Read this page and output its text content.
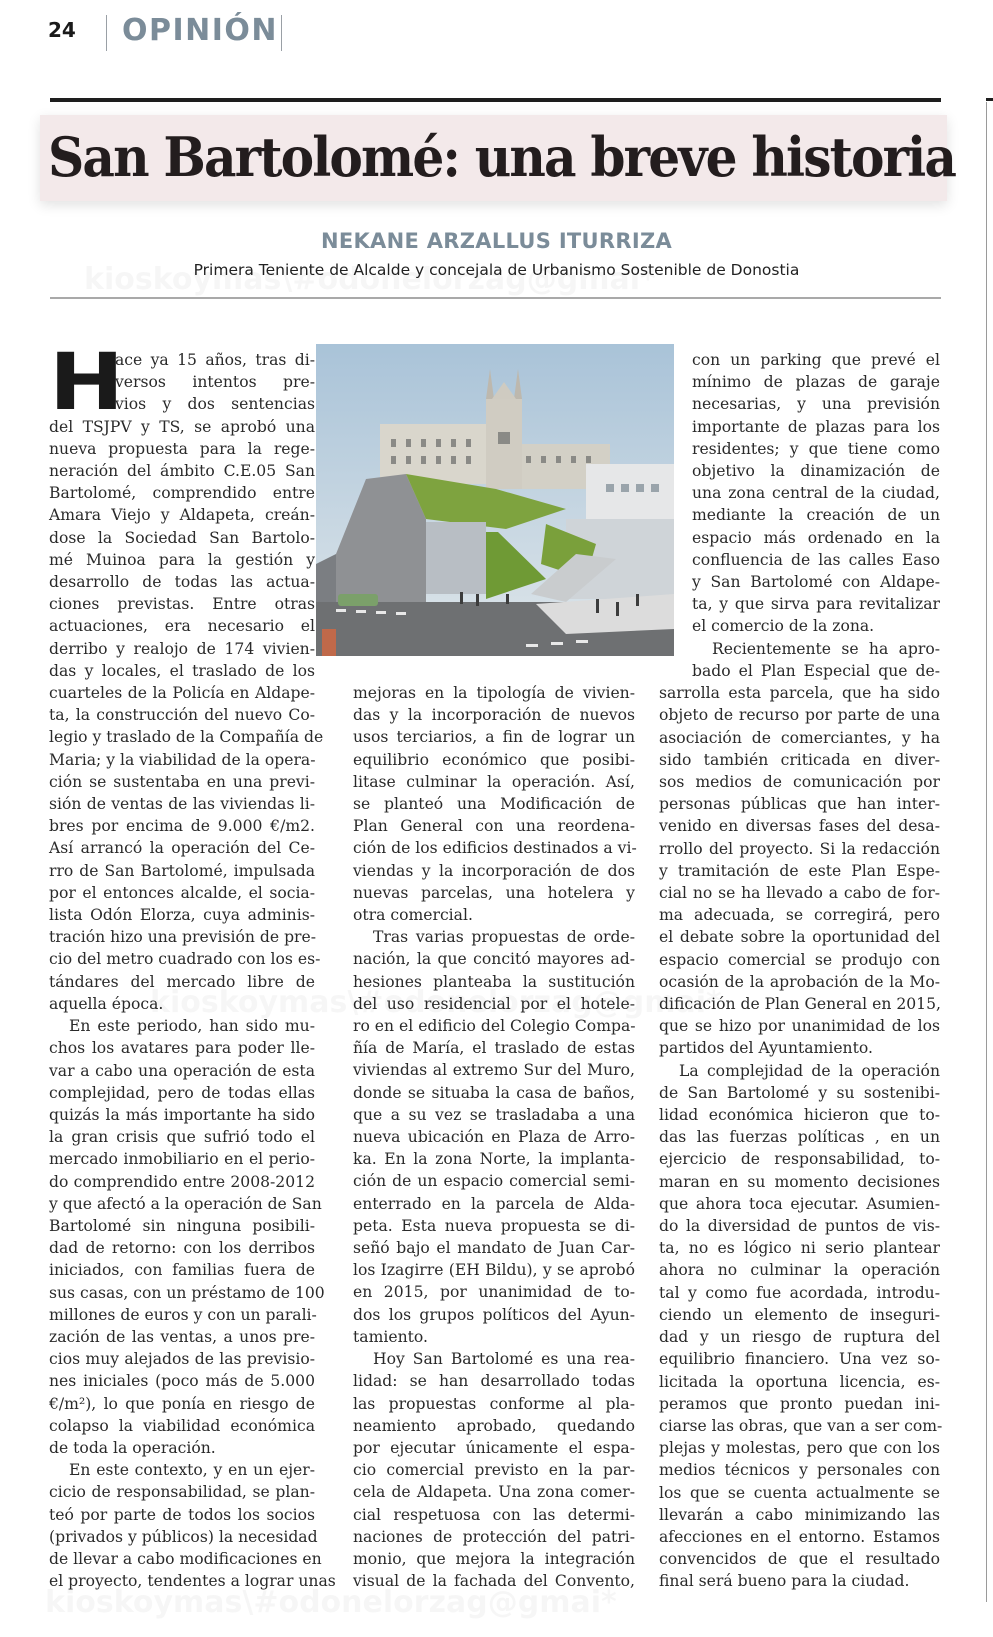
24 OPINIÓN
San Bartolomé: una breve historia
NEKANE ARZALLUS ITURRIZA
Primera Teniente de Alcalde y concejala de Urbanismo Sostenible de Donostia

H
ace ya 15 años, tras di-
versos intentos pre-
vios y dos sentencias
del TSJPV y TS, se aprobó una
nueva propuesta para la rege-
neración del ámbito C.E.05 San
Bartolomé, comprendido entre
Amara Viejo y Aldapeta, creán-
dose la Sociedad San Bartolo-
mé Muinoa para la gestión y
desarrollo de todas las actua-
ciones previstas. Entre otras
actuaciones, era necesario el
derribo y realojo de 174 vivien-
das y locales, el traslado de los
cuarteles de la Policía en Aldape-
ta, la construcción del nuevo Co-
legio y traslado de la Compañía de
Maria; y la viabilidad de la opera-
ción se sustentaba en una previ-
sión de ventas de las viviendas li-
bres por encima de 9.000 €/m2.
Así arrancó la operación del Ce-
rro de San Bartolomé, impulsada
por el entonces alcalde, el socia-
lista Odón Elorza, cuya adminis-
tración hizo una previsión de pre-
cio del metro cuadrado con los es-
tándares del mercado libre de
aquella época.

En este periodo, han sido mu-
chos los avatares para poder lle-
var a cabo una operación de esta
complejidad, pero de todas ellas
quizás la más importante ha sido
la gran crisis que sufrió todo el
mercado inmobiliario en el perio-
do comprendido entre 2008-2012
y que afectó a la operación de San
Bartolomé sin ninguna posibili-
dad de retorno: con los derribos
iniciados, con familias fuera de
sus casas, con un préstamo de 100
millones de euros y con un parali-
zación de las ventas, a unos pre-
cios muy alejados de las previsio-
nes iniciales (poco más de 5.000
€/m²), lo que ponía en riesgo de
colapso la viabilidad económica
de toda la operación.

En este contexto, y en un ejer-
cicio de responsabilidad, se plan-
teó por parte de todos los socios
(privados y públicos) la necesidad
de llevar a cabo modificaciones en
el proyecto, tendentes a lograr unas

mejoras en la tipología de vivien-
das y la incorporación de nuevos
usos terciarios, a fin de lograr un
equilibrio económico que posibi-
litase culminar la operación. Así,
se planteó una Modificación de
Plan General con una reordena-
ción de los edificios destinados a vi-
viendas y la incorporación de dos
nuevas parcelas, una hotelera y
otra comercial.

Tras varias propuestas de orde-
nación, la que concitó mayores ad-
hesiones planteaba la sustitución
del uso residencial por el hotele-
ro en el edificio del Colegio Compa-
ñía de María, el traslado de estas
viviendas al extremo Sur del Muro,
donde se situaba la casa de baños,
que a su vez se trasladaba a una
nueva ubicación en Plaza de Arro-
ka. En la zona Norte, la implanta-
ción de un espacio comercial semi-
enterrado en la parcela de Alda-
peta. Esta nueva propuesta se di-
señó bajo el mandato de Juan Car-
los Izagirre (EH Bildu), y se aprobó
en 2015, por unanimidad de to-
dos los grupos políticos del Ayun-
tamiento.

Hoy San Bartolomé es una rea-
lidad: se han desarrollado todas
las propuestas conforme al pla-
neamiento aprobado, quedando
por ejecutar únicamente el espa-
cio comercial previsto en la par-
cela de Aldapeta. Una zona comer-
cial respetuosa con las determi-
naciones de protección del patri-
monio, que mejora la integración
visual de la fachada del Convento,

con un parking que prevé el
mínimo de plazas de garaje
necesarias, y una previsión
importante de plazas para los
residentes; y que tiene como
objetivo la dinamización de
una zona central de la ciudad,
mediante la creación de un
espacio más ordenado en la
confluencia de las calles Easo
y San Bartolomé con Aldape-
ta, y que sirva para revitalizar
el comercio de la zona.
Recientemente se ha apro-

bado el Plan Especial que de-
sarrolla esta parcela, que ha sido
objeto de recurso por parte de una
asociación de comerciantes, y ha
sido también criticada en diver-
sos medios de comunicación por
personas públicas que han inter-
venido en diversas fases del desa-
rrollo del proyecto. Si la redacción
y tramitación de este Plan Espe-
cial no se ha llevado a cabo de for-
ma adecuada, se corregirá, pero
el debate sobre la oportunidad del
espacio comercial se produjo con
ocasión de la aprobación de la Mo-
dificación de Plan General en 2015,
que se hizo por unanimidad de los
partidos del Ayuntamiento.

La complejidad de la operación
de San Bartolomé y su sostenibi-
lidad económica hicieron que to-
das las fuerzas políticas , en un
ejercicio de responsabilidad, to-
maran en su momento decisiones
que ahora toca ejecutar. Asumien-
do la diversidad de puntos de vis-
ta, no es lógico ni serio plantear
ahora no culminar la operación
tal y como fue acordada, introdu-
ciendo un elemento de inseguri-
dad y un riesgo de ruptura del
equilibrio financiero. Una vez so-
licitada la oportuna licencia, es-
peramos que pronto puedan ini-
ciarse las obras, que van a ser com-
plejas y molestas, pero que con los
medios técnicos y personales con
los que se cuenta actualmente se
llevarán a cabo minimizando las
afecciones en el entorno. Estamos
convencidos de que el resultado
final será bueno para la ciudad.
